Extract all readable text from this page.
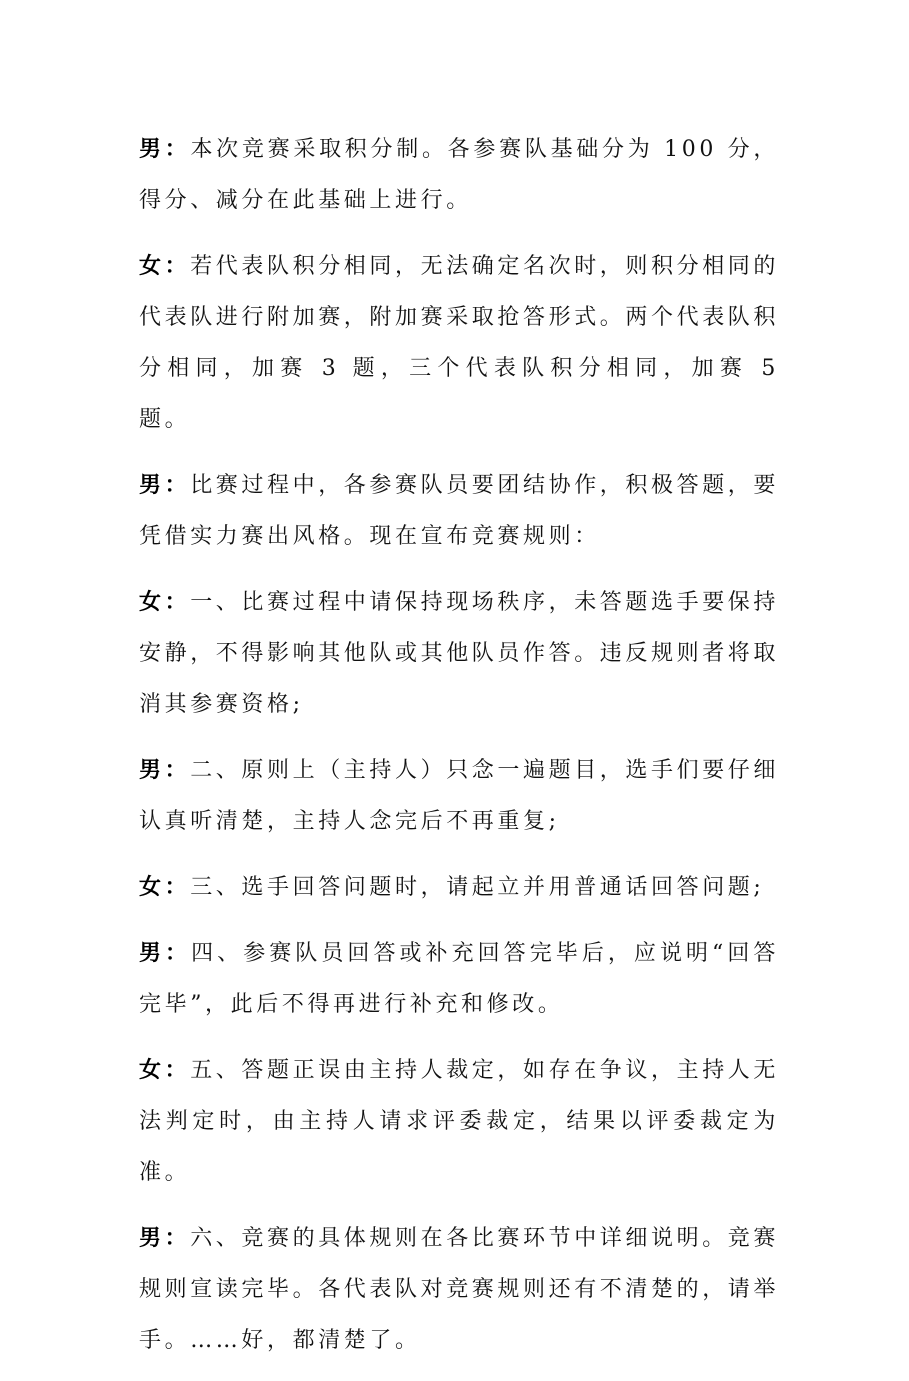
男：本次竞赛采取积分制。各参赛队基础分为 100 分，得分、减分在此基础上进行。

女：若代表队积分相同，无法确定名次时，则积分相同的代表队进行附加赛，附加赛采取抢答形式。两个代表队积分相同，加赛 3 题，三个代表队积分相同，加赛 5 题。

男：比赛过程中，各参赛队员要团结协作，积极答题，要凭借实力赛出风格。现在宣布竞赛规则：

女：一、比赛过程中请保持现场秩序，未答题选手要保持安静，不得影响其他队或其他队员作答。违反规则者将取消其参赛资格;

男：二、原则上（主持人）只念一遍题目，选手们要仔细认真听清楚，主持人念完后不再重复;

女：三、选手回答问题时，请起立并用普通话回答问题;

男：四、参赛队员回答或补充回答完毕后，应说明“回答完毕”，此后不得再进行补充和修改。

女：五、答题正误由主持人裁定，如存在争议，主持人无法判定时，由主持人请求评委裁定，结果以评委裁定为准。

男：六、竞赛的具体规则在各比赛环节中详细说明。竞赛规则宣读完毕。各代表队对竞赛规则还有不清楚的，请举手。……好，都清楚了。
